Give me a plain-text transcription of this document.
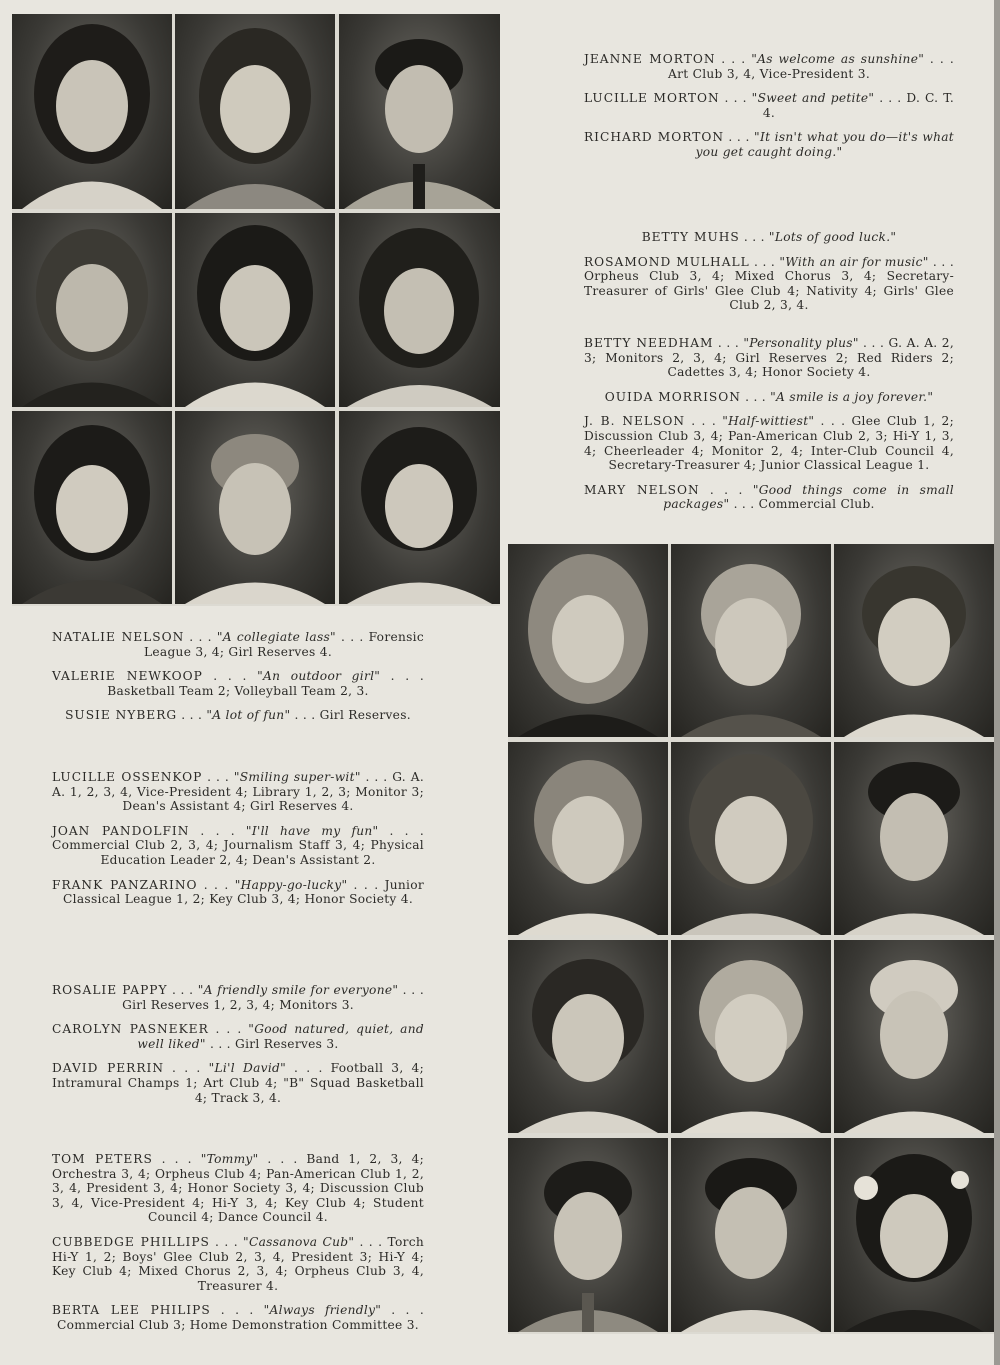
JEANNE MORTON . . . "As welcome as sunshine" . . . Art Club 3, 4, Vice-President 3.
LUCILLE MORTON . . . "Sweet and petite" . . . D. C. T. 4.
RICHARD MORTON . . . "It isn't what you do—it's what you get caught doing."
BETTY MUHS . . . "Lots of good luck."
ROSAMOND MULHALL . . . "With an air for music" . . . Orpheus Club 3, 4; Mixed Chorus 3, 4; Secretary-Treasurer of Girls' Glee Club 4; Nativity 4; Girls' Glee Club 2, 3, 4.
BETTY NEEDHAM . . . "Personality plus" . . . G. A. A. 2, 3; Monitors 2, 3, 4; Girl Reserves 2; Red Riders 2; Cadettes 3, 4; Honor Society 4.
OUIDA MORRISON . . . "A smile is a joy forever."
J. B. NELSON . . . "Half-wittiest" . . . Glee Club 1, 2; Discussion Club 3, 4; Pan-American Club 2, 3; Hi-Y 1, 3, 4; Cheerleader 4; Monitor 2, 4; Inter-Club Council 4, Secretary-Treasurer 4; Junior Classical League 1.
MARY NELSON . . . "Good things come in small packages" . . . Commercial Club.
NATALIE NELSON . . . "A collegiate lass" . . . Forensic League 3, 4; Girl Reserves 4.
VALERIE NEWKOOP . . . "An outdoor girl" . . . Basketball Team 2; Volleyball Team 2, 3.
SUSIE NYBERG . . . "A lot of fun" . . . Girl Reserves.
LUCILLE OSSENKOP . . . "Smiling super-wit" . . . G. A. A. 1, 2, 3, 4, Vice-President 4; Library 1, 2, 3; Monitor 3; Dean's Assistant 4; Girl Reserves 4.
JOAN PANDOLFIN . . . "I'll have my fun" . . . Commercial Club 2, 3, 4; Journalism Staff 3, 4; Physical Education Leader 2, 4; Dean's Assistant 2.
FRANK PANZARINO . . . "Happy-go-lucky" . . . Junior Classical League 1, 2; Key Club 3, 4; Honor Society 4.
ROSALIE PAPPY . . . "A friendly smile for everyone" . . . Girl Reserves 1, 2, 3, 4; Monitors 3.
CAROLYN PASNEKER . . . "Good natured, quiet, and well liked" . . . Girl Reserves 3.
DAVID PERRIN . . . "Li'l David" . . . Football 3, 4; Intramural Champs 1; Art Club 4; "B" Squad Basketball 4; Track 3, 4.
TOM PETERS . . . "Tommy" . . . Band 1, 2, 3, 4; Orchestra 3, 4; Orpheus Club 4; Pan-American Club 1, 2, 3, 4, President 3, 4; Honor Society 3, 4; Discussion Club 3, 4, Vice-President 4; Hi-Y 3, 4; Key Club 4; Student Council 4; Dance Council 4.
CUBBEDGE PHILLIPS . . . "Cassanova Cub" . . . Torch Hi-Y 1, 2; Boys' Glee Club 2, 3, 4, President 3; Hi-Y 4; Key Club 4; Mixed Chorus 2, 3, 4; Orpheus Club 3, 4, Treasurer 4.
BERTA LEE PHILIPS . . . "Always friendly" . . . Commercial Club 3; Home Demonstration Committee 3.
